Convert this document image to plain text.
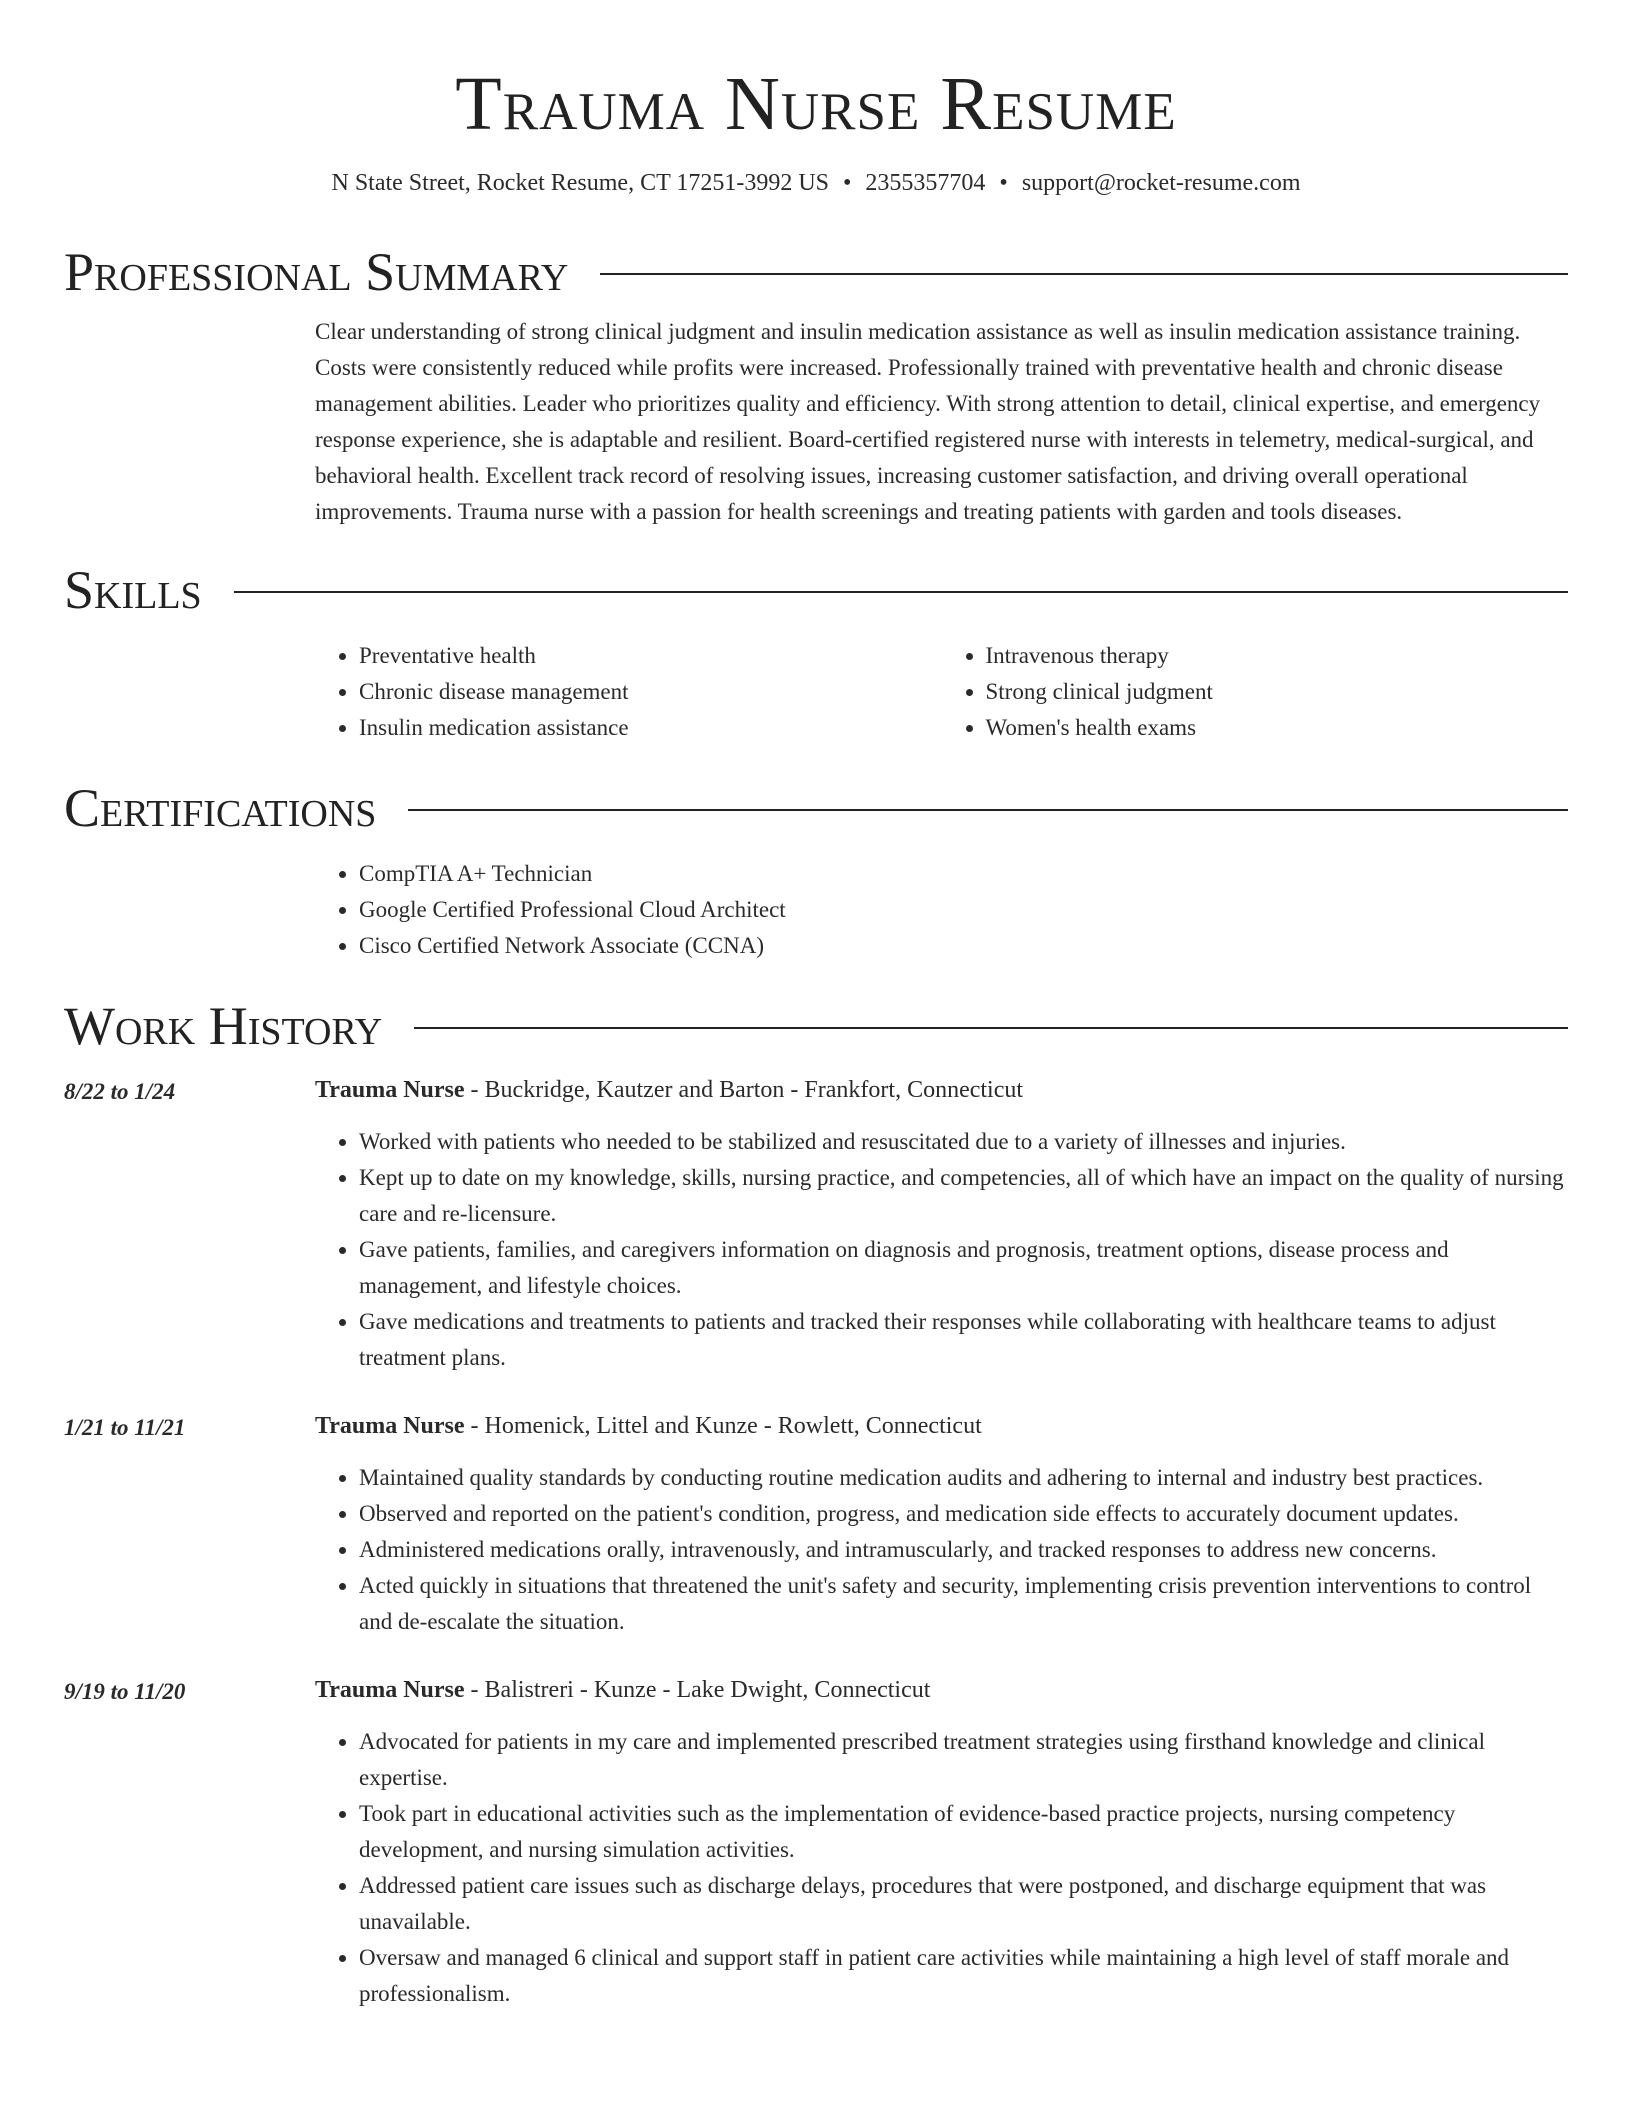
Trauma Nurse Resume
N State Street, Rocket Resume, CT 17251-3992 US • 2355357704 • support@rocket-resume.com
Professional Summary
Clear understanding of strong clinical judgment and insulin medication assistance as well as insulin medication assistance training. Costs were consistently reduced while profits were increased. Professionally trained with preventative health and chronic disease management abilities. Leader who prioritizes quality and efficiency. With strong attention to detail, clinical expertise, and emergency response experience, she is adaptable and resilient. Board-certified registered nurse with interests in telemetry, medical-surgical, and behavioral health. Excellent track record of resolving issues, increasing customer satisfaction, and driving overall operational improvements. Trauma nurse with a passion for health screenings and treating patients with garden and tools diseases.
Skills
• Preventative health
• Chronic disease management
• Insulin medication assistance
• Intravenous therapy
• Strong clinical judgment
• Women's health exams
Certifications
• CompTIA A+ Technician
• Google Certified Professional Cloud Architect
• Cisco Certified Network Associate (CCNA)
Work History
8/22 to 1/24	Trauma Nurse - Buckridge, Kautzer and Barton - Frankfort, Connecticut
• Worked with patients who needed to be stabilized and resuscitated due to a variety of illnesses and injuries.
• Kept up to date on my knowledge, skills, nursing practice, and competencies, all of which have an impact on the quality of nursing care and re-licensure.
• Gave patients, families, and caregivers information on diagnosis and prognosis, treatment options, disease process and management, and lifestyle choices.
• Gave medications and treatments to patients and tracked their responses while collaborating with healthcare teams to adjust treatment plans.
1/21 to 11/21	Trauma Nurse - Homenick, Littel and Kunze - Rowlett, Connecticut
• Maintained quality standards by conducting routine medication audits and adhering to internal and industry best practices.
• Observed and reported on the patient's condition, progress, and medication side effects to accurately document updates.
• Administered medications orally, intravenously, and intramuscularly, and tracked responses to address new concerns.
• Acted quickly in situations that threatened the unit's safety and security, implementing crisis prevention interventions to control and de-escalate the situation.
9/19 to 11/20	Trauma Nurse - Balistreri - Kunze - Lake Dwight, Connecticut
• Advocated for patients in my care and implemented prescribed treatment strategies using firsthand knowledge and clinical expertise.
• Took part in educational activities such as the implementation of evidence-based practice projects, nursing competency development, and nursing simulation activities.
• Addressed patient care issues such as discharge delays, procedures that were postponed, and discharge equipment that was unavailable.
• Oversaw and managed 6 clinical and support staff in patient care activities while maintaining a high level of staff morale and professionalism.
